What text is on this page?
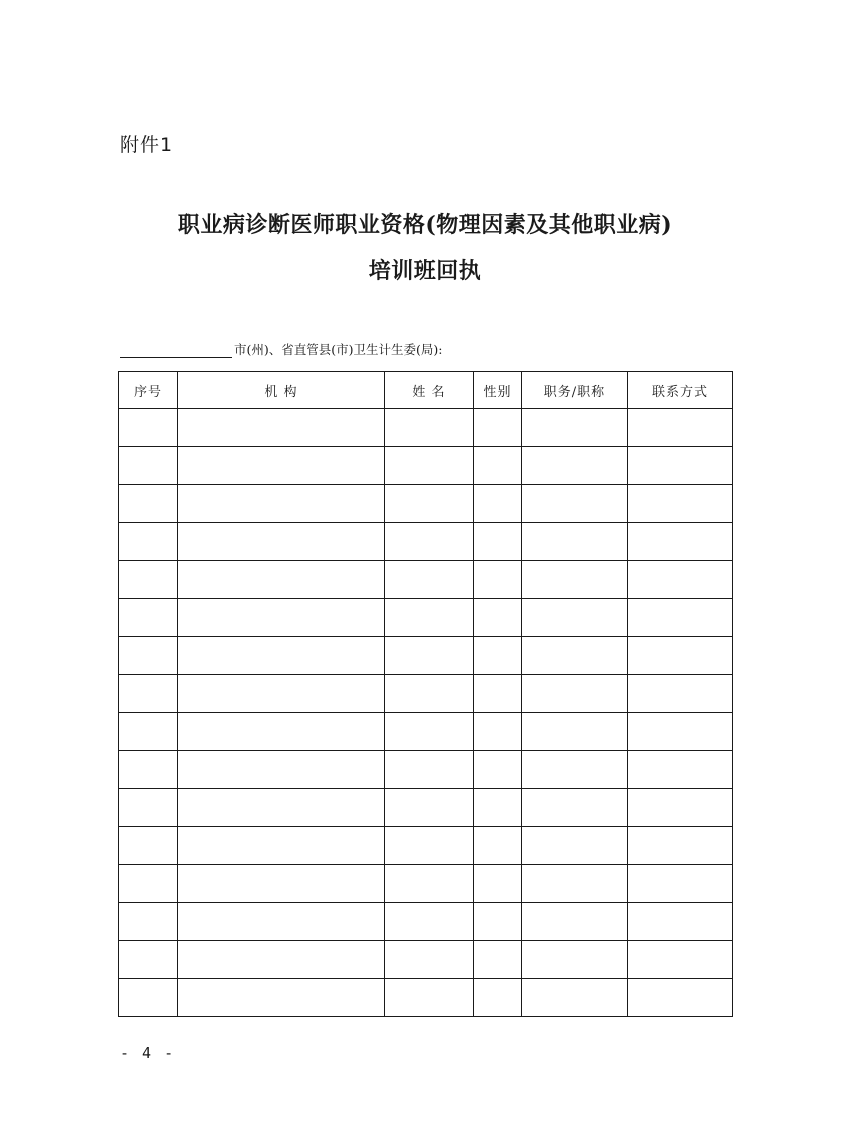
附件1
职业病诊断医师职业资格(物理因素及其他职业病)
培训班回执
市(州)、省直管县(市)卫生计生委(局):
序号	机 构	姓 名	性别	职务/职称	联系方式

- 4 -
